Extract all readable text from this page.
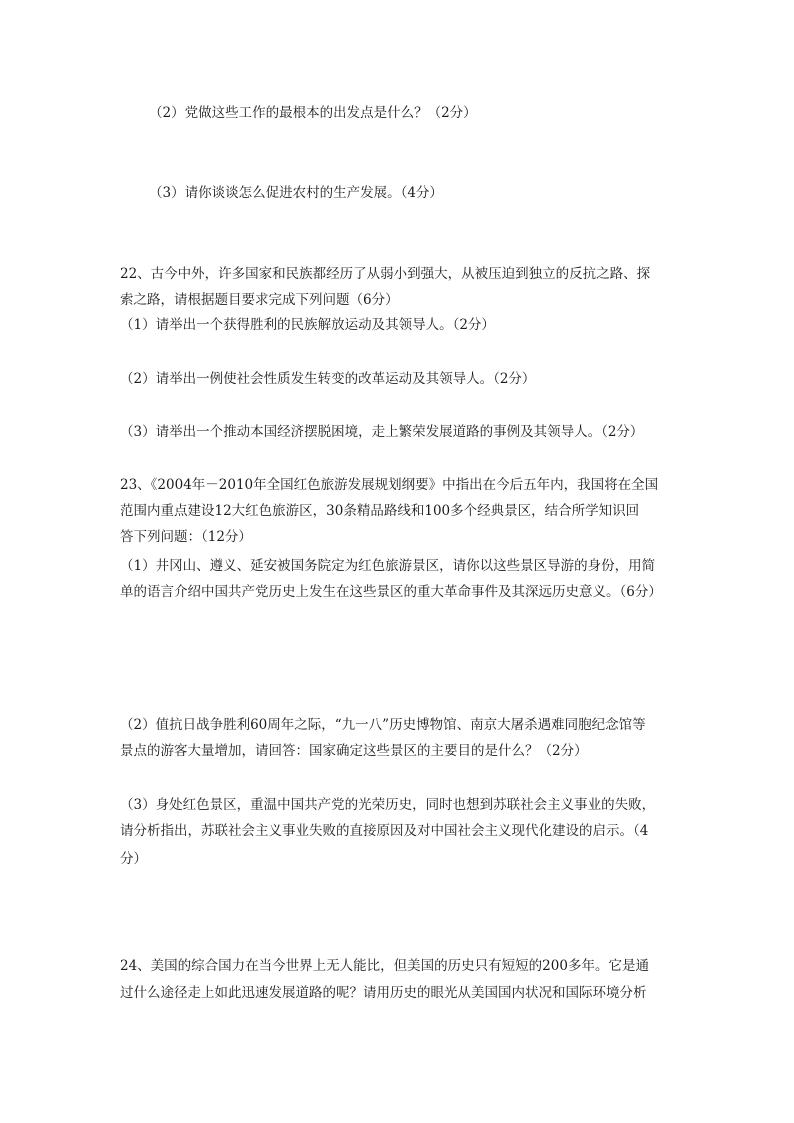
（2）党做这些工作的最根本的出发点是什么？（2分）
（3）请你谈谈怎么促进农村的生产发展。（4分）
22、古今中外，许多国家和民族都经历了从弱小到强大，从被压迫到独立的反抗之路、探
索之路，请根据题目要求完成下列问题（6分）
（1）请举出一个获得胜利的民族解放运动及其领导人。（2分）
（2）请举出一例使社会性质发生转变的改革运动及其领导人。（2分）
（3）请举出一个推动本国经济摆脱困境，走上繁荣发展道路的事例及其领导人。（2分）
23、《2004年－2010年全国红色旅游发展规划纲要》中指出在今后五年内，我国将在全国
范围内重点建设12大红色旅游区，30条精品路线和100多个经典景区，结合所学知识回
答下列问题：（12分）
（1）井冈山、遵义、延安被国务院定为红色旅游景区，请你以这些景区导游的身份，用简
单的语言介绍中国共产党历史上发生在这些景区的重大革命事件及其深远历史意义。（6分）
（2）值抗日战争胜利60周年之际，“九一八”历史博物馆、南京大屠杀遇难同胞纪念馆等
景点的游客大量增加，请回答：国家确定这些景区的主要目的是什么？（2分）
（3）身处红色景区，重温中国共产党的光荣历史，同时也想到苏联社会主义事业的失败，
请分析指出，苏联社会主义事业失败的直接原因及对中国社会主义现代化建设的启示。（4
分）
24、美国的综合国力在当今世界上无人能比，但美国的历史只有短短的200多年。它是通
过什么途径走上如此迅速发展道路的呢？请用历史的眼光从美国国内状况和国际环境分析
